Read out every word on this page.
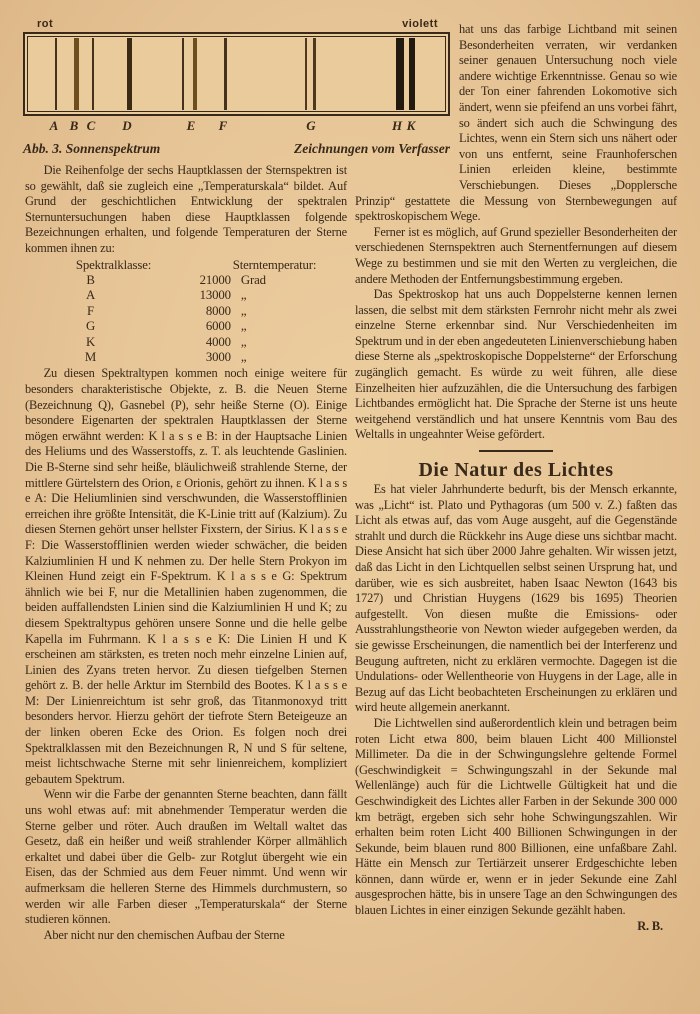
rot	violett
A B C D	E F	G	H K
Abb. 3. Sonnenspektrum	Zeichnungen vom Verfasser

Die Reihenfolge der sechs Hauptklassen der Sternspektren ist so gewählt, daß sie zugleich eine „Temperaturskala“ bildet. Auf Grund der geschichtlichen Entwicklung der spektralen Sternuntersuchungen haben diese Hauptklassen folgende Bezeichnungen erhalten, und folgende Temperaturen der Sterne kommen ihnen zu:

Spektralklasse:	Sterntemperatur:
B	21000 Grad
A	13000 „
F	8000 „
G	6000 „
K	4000 „
M	3000 „

Zu diesen Spektraltypen kommen noch einige weitere für besonders charakteristische Objekte, z. B. die Neuen Sterne (Bezeichnung Q), Gasnebel (P), sehr heiße Sterne (O). Einige besondere Eigenarten der spektralen Hauptklassen der Sterne mögen erwähnt werden: K l a s s e B: in der Hauptsache Linien des Heliums und des Wasserstoffs, z. T. als leuchtende Gaslinien. Die B-Sterne sind sehr heiße, bläulichweiß strahlende Sterne, der mittlere Gürtelstern des Orion, ε Orionis, gehört zu ihnen. K l a s s e A: Die Heliumlinien sind verschwunden, die Wasserstofflinien erreichen ihre größte Intensität, die K-Linie tritt auf (Kalzium). Zu diesen Sternen gehört unser hellster Fixstern, der Sirius. K l a s s e F: Die Wasserstofflinien werden wieder schwächer, die beiden Kalziumlinien H und K nehmen zu. Der helle Stern Prokyon im Kleinen Hund zeigt ein F-Spektrum. K l a s s e G: Spektrum ähnlich wie bei F, nur die Metallinien haben zugenommen, die beiden auffallendsten Linien sind die Kalziumlinien H und K; zu diesem Spektraltypus gehören unsere Sonne und die helle gelbe Kapella im Fuhrmann. K l a s s e K: Die Linien H und K erscheinen am stärksten, es treten noch mehr einzelne Linien auf, Linien des Zyans treten hervor. Zu diesen tiefgelben Sternen gehört z. B. der helle Arktur im Sternbild des Bootes. K l a s s e M: Der Linienreichtum ist sehr groß, das Titanmonoxyd tritt besonders hervor. Hierzu gehört der tiefrote Stern Beteigeuze an der linken oberen Ecke des Orion. Es folgen noch drei Spektralklassen mit den Bezeichnungen R, N und S für seltene, meist lichtschwache Sterne mit sehr linienreichem, kompliziert gebautem Spektrum.

Wenn wir die Farbe der genannten Sterne beachten, dann fällt uns wohl etwas auf: mit abnehmender Temperatur werden die Sterne gelber und röter. Auch draußen im Weltall waltet das Gesetz, daß ein heißer und weiß strahlender Körper allmählich erkaltet und dabei über die Gelb- zur Rotglut übergeht wie ein Eisen, das der Schmied aus dem Feuer nimmt. Und wenn wir aufmerksam die helleren Sterne des Himmels durchmustern, so werden wir alle Farben dieser „Temperaturskala“ der Sterne studieren können.

Aber nicht nur den chemischen Aufbau der Sterne

hat uns das farbige Lichtband mit seinen Besonderheiten verraten, wir verdanken seiner genauen Untersuchung noch viele andere wichtige Erkenntnisse. Genau so wie der Ton einer fahrenden Lokomotive sich ändert, wenn sie pfeifend an uns vorbei fährt, so ändert sich auch die Schwingung des Lichtes, wenn ein Stern sich uns nähert oder von uns entfernt, seine Fraunhoferschen Linien erleiden kleine, bestimmte Verschiebungen. Dieses „Dopplersche Prinzip“ gestattete die Messung von Sternbewegungen auf spektroskopischem Wege.

Ferner ist es möglich, auf Grund spezieller Besonderheiten der verschiedenen Sternspektren auch Sternentfernungen auf diesem Wege zu bestimmen und sie mit den Werten zu vergleichen, die andere Methoden der Entfernungsbestimmung ergeben.

Das Spektroskop hat uns auch Doppelsterne kennen lernen lassen, die selbst mit dem stärksten Fernrohr nicht mehr als zwei einzelne Sterne erkennbar sind. Nur Verschiedenheiten im Spektrum und in der eben angedeuteten Linienverschiebung haben diese Sterne als „spektroskopische Doppelsterne“ der Erforschung zugänglich gemacht. Es würde zu weit führen, alle diese Einzelheiten hier aufzuzählen, die die Untersuchung des farbigen Lichtbandes ermöglicht hat. Die Sprache der Sterne ist uns heute weitgehend verständlich und hat unsere Kenntnis vom Bau des Weltalls in ungeahnter Weise gefördert.

Die Natur des Lichtes

Es hat vieler Jahrhunderte bedurft, bis der Mensch erkannte, was „Licht“ ist. Plato und Pythagoras (um 500 v. Z.) faßten das Licht als etwas auf, das vom Auge ausgeht, auf die Gegenstände strahlt und durch die Rückkehr ins Auge diese uns sichtbar macht. Diese Ansicht hat sich über 2000 Jahre gehalten. Wir wissen jetzt, daß das Licht in den Lichtquellen selbst seinen Ursprung hat, und darüber, wie es sich ausbreitet, haben Isaac Newton (1643 bis 1727) und Christian Huygens (1629 bis 1695) Theorien aufgestellt. Von diesen mußte die Emissions- oder Ausstrahlungstheorie von Newton wieder aufgegeben werden, da sie gewisse Erscheinungen, die namentlich bei der Interferenz und Beugung auftreten, nicht zu erklären vermochte. Dagegen ist die Undulations- oder Wellentheorie von Huygens in der Lage, alle in Bezug auf das Licht beobachteten Erscheinungen zu erklären und wird heute allgemein anerkannt.

Die Lichtwellen sind außerordentlich klein und betragen beim roten Licht etwa 800, beim blauen Licht 400 Millionstel Millimeter. Da die in der Schwingungslehre geltende Formel (Geschwindigkeit = Schwingungszahl in der Sekunde mal Wellenlänge) auch für die Lichtwelle Gültigkeit hat und die Geschwindigkeit des Lichtes aller Farben in der Sekunde 300 000 km beträgt, ergeben sich sehr hohe Schwingungszahlen. Wir erhalten beim roten Licht 400 Billionen Schwingungen in der Sekunde, beim blauen rund 800 Billionen, eine unfaßbare Zahl. Hätte ein Mensch zur Tertiärzeit unserer Erdgeschichte leben können, dann würde er, wenn er in jeder Sekunde eine Zahl ausgesprochen hätte, bis in unsere Tage an den Schwingungen des blauen Lichtes in einer einzigen Sekunde gezählt haben.
R. B.
